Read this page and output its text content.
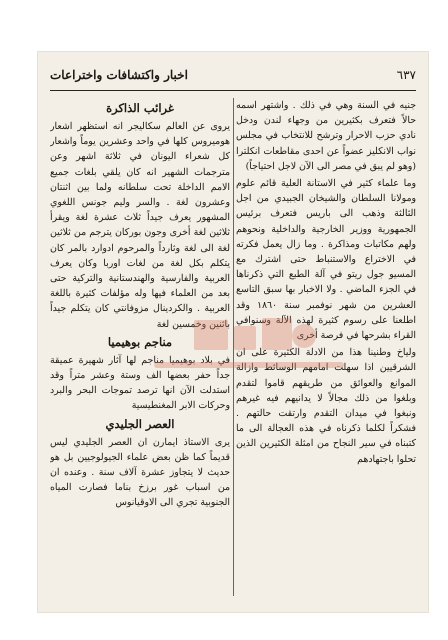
٦٣٧
اخبار واكتشافات واختراعات

جنيه في السنة وهي في ذلك . واشتهر اسمه حالاً فتعرف بكثيرين من وجهاء لندن ودخل نادي حزب الاحرار وترشح للانتخاب في مجلس نواب الانكليز عضواً عن احدى مقاطعات انكلترا (وهو لم يبق في مصر الى الآن لاجل احتياجاً)

وما علماء كثير في الاستانة العلية قائم علوم ومولانا السلطان والشيخان الجبيدي من اجل الثالثة وذهب الى باريس فتعرف برئيس الجمهورية ووزير الخارجية والداخلية ونحوهم ولهم مكاتبات ومذاكرة . وما زال يعمل فكرته في الاختراع والاستنباط حتى اشترك مع المسيو جول ريتو في آلة الطبع التي ذكرناها في الجزء الماضي . ولا الاخبار بها سبق التاسع العشرين من شهر نوفمبر سنة ١٨٦٠ وقد اطلعنا على رسوم كثيرة لهذه الآلة وسنوافي القراء بشرحها في فرصة أخرى

ولياخ وطنينا هذا من الادلة الكثيرة على ان الشرقيين اذا سهلت امامهم الوسائط وازالة الموانع والعوائق من طريقهم قاموا لتقدم وبلغوا من ذلك مجالاً لا يدانيهم فيه غيرهم ونبغوا في ميدان التقدم وارتقت حالتهم . فشكراً لكلما ذكرناه في هذه العجالة الى ما كتبناه في سير النجاح من امثلة الكثيرين الذين تحلوا باجتهادهم

غرائب الذاكرة

يروى عن العالم سكاليجر انه استظهر اشعار هوميروس كلها في واحد وعشرين يوماً واشعار كل شعراء اليونان في ثلاثة اشهر وعن مترجمات الشهير انه كان يلقي بلغات جميع الامم الداخلة تحت سلطانه ولما بين اثنتان وعشرون لغة . والسر وليم جونس اللغوي المشهور يعرف جيداً ثلاث عشرة لغة ويقرأ ثلاثين لغة أخرى وجون بوركان يترجم من ثلاثين لغة الى لغة وثارداً والمرحوم ادوارد بالمر كان يتكلم بكل لغة من لغات اوربا وكان يعرف العربية والفارسية والهندستانية والتركية حتى بعد من العلماء فيها وله مؤلفات كثيرة باللغة العربية . والكردينال مزوفانتي كان يتكلم جيداً باثنين وخمسين لغة

مناجم بوهيميا

في بلاد بوهيميا مناجم لها آثار شهيرة عميقة جداً حفر بعضها الف وستة وعشر متراً وقد استدلت الآن انها ترصد تموجات البحر والبرد وحركات الابر المغنطيسية

العصر الجليدي

يرى الاستاذ ايمارن ان العصر الجليدي ليس قديماً كما ظن بعض علماء الجيولوجيين بل هو حديث لا يتجاوز عشرة آلاف سنة . وعنده ان من اسباب غور برزخ بناما فصارت المياه الجنوبية تجري الى الاوقيانوس
